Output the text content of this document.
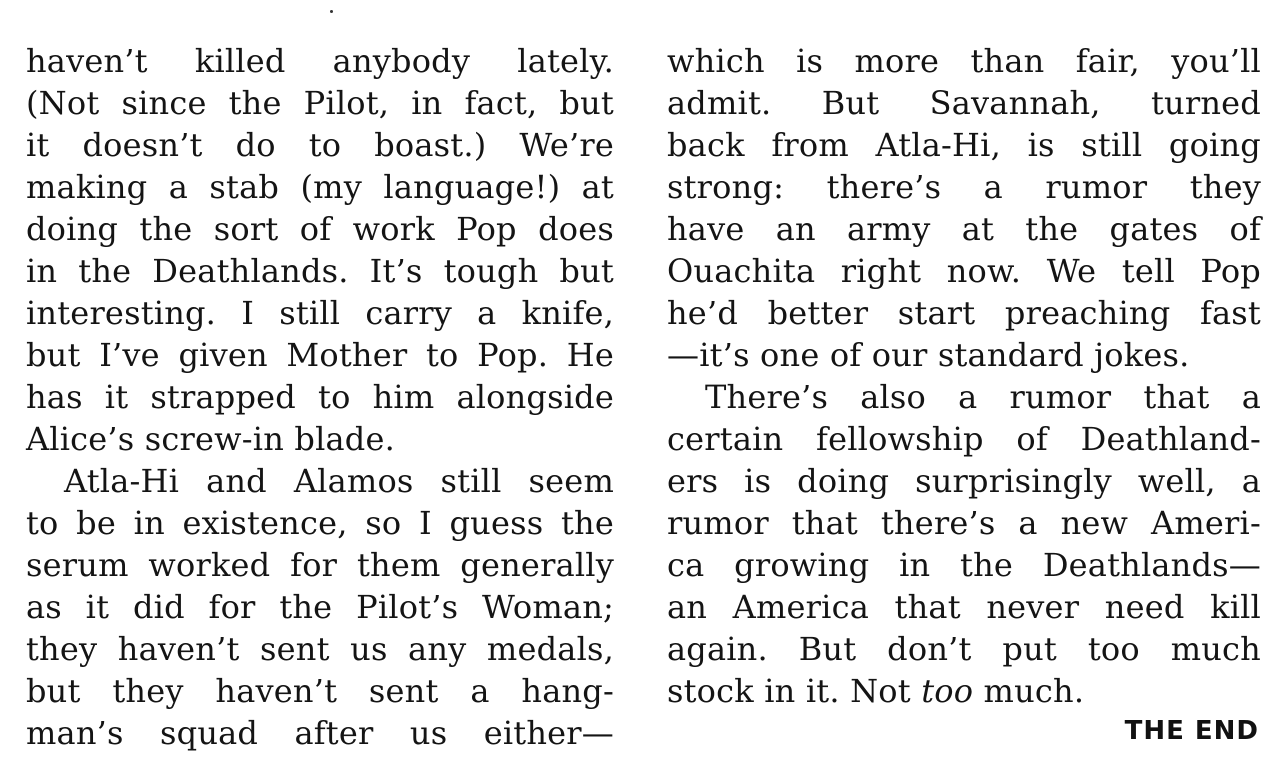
haven’t killed anybody lately.
(Not since the Pilot, in fact, but
it doesn’t do to boast.) We’re
making a stab (my language!) at
doing the sort of work Pop does
in the Deathlands. It’s tough but
interesting. I still carry a knife,
but I’ve given Mother to Pop. He
has it strapped to him alongside
Alice’s screw-in blade.
Atla-Hi and Alamos still seem
to be in existence, so I guess the
serum worked for them generally
as it did for the Pilot’s Woman;
they haven’t sent us any medals,
but they haven’t sent a hang-
man’s squad after us either—
which is more than fair, you’ll
admit. But Savannah, turned
back from Atla-Hi, is still going
strong: there’s a rumor they
have an army at the gates of
Ouachita right now. We tell Pop
he’d better start preaching fast
—it’s one of our standard jokes.
There’s also a rumor that a
certain fellowship of Deathland-
ers is doing surprisingly well, a
rumor that there’s a new Ameri-
ca growing in the Deathlands—
an America that never need kill
again. But don’t put too much
stock in it. Not too much.
THE END
